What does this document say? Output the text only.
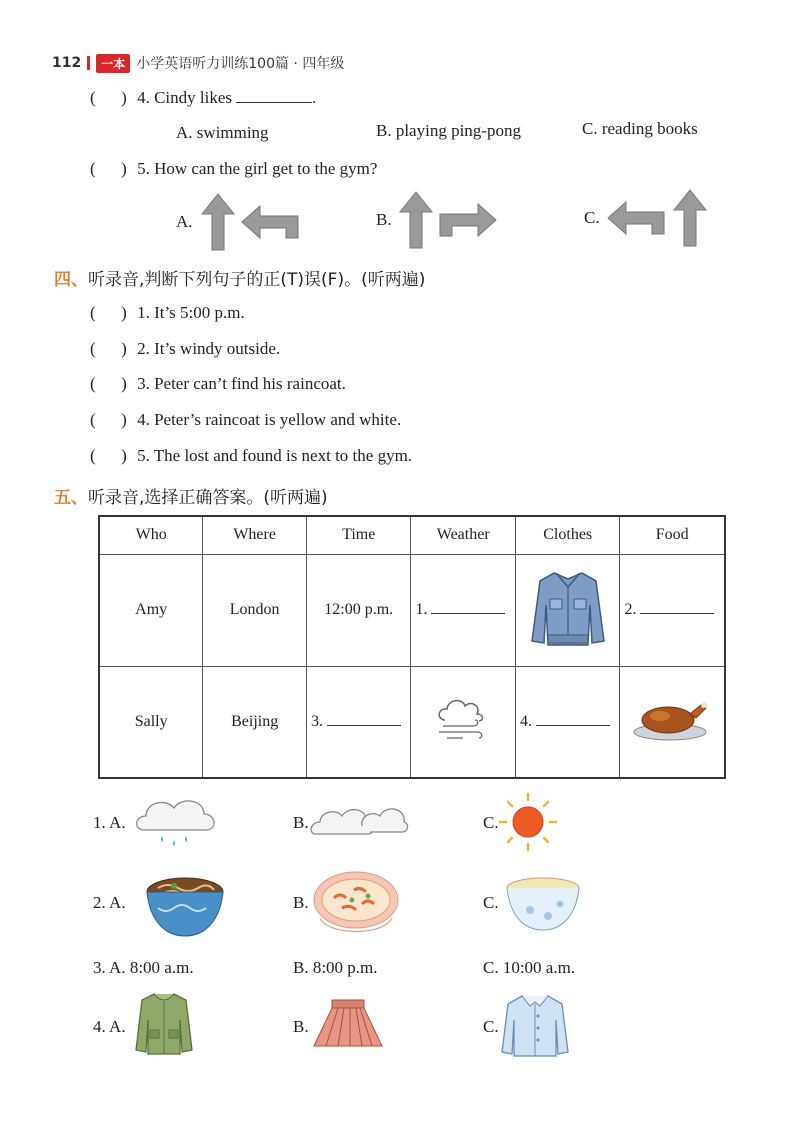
112	一本 小学英语听力训练100篇 · 四年级
(      ) 4. Cindy likes	.
A. swimming	B. playing ping-pong	C. reading books
(      ) 5. How can the girl get to the gym?
A.	B.	C.
四、听录音,判断下列句子的正(T)误(F)。(听两遍)
(      ) 1. It’s 5:00 p.m.
(      ) 2. It’s windy outside.
(      ) 3. Peter can’t find his raincoat.
(      ) 4. Peter’s raincoat is yellow and white.
(      ) 5. The lost and found is next to the gym.
五、听录音,选择正确答案。(听两遍)
Who	Where	Time	Weather	Clothes	Food
Amy	London	12:00 p.m.	1.		2.
Sally	Beijing	3.		4.	
1. A.	B.	C.
2. A.	B.	C.
3. A. 8:00 a.m.	B. 8:00 p.m.	C. 10:00 a.m.
4. A.	B.	C.
